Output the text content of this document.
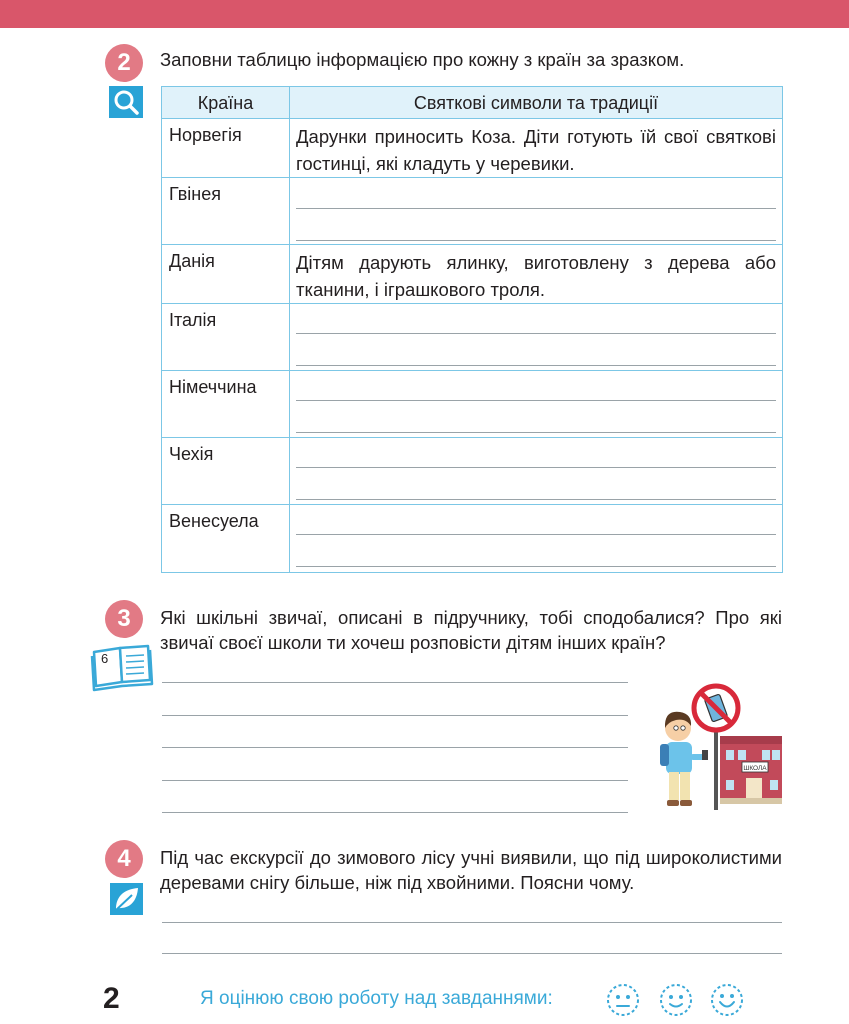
2	Заповни таблицю інформацією про кожну з країн за зразком.
Країна	Святкові символи та традиції
Норвегія	Дарунки приносить Коза. Діти готують їй свої святкові гостинці, які кладуть у черевики.
Гвінея
Данія	Дітям дарують ялинку, виготовлену з дерева або тканини, і іграшкового троля.
Італія
Німеччина
Чехія
Венесуела
3
6
Які шкільні звичаї, описані в підручнику, тобі сподобалися? Про які звичаї своєї школи ти хочеш розповісти дітям інших країн?
ШКОЛА
4	Під час екскурсії до зимового лісу учні виявили, що під широколистими деревами снігу більше, ніж під хвойними. Поясни чому.
2	Я оцінюю свою роботу над завданнями:
